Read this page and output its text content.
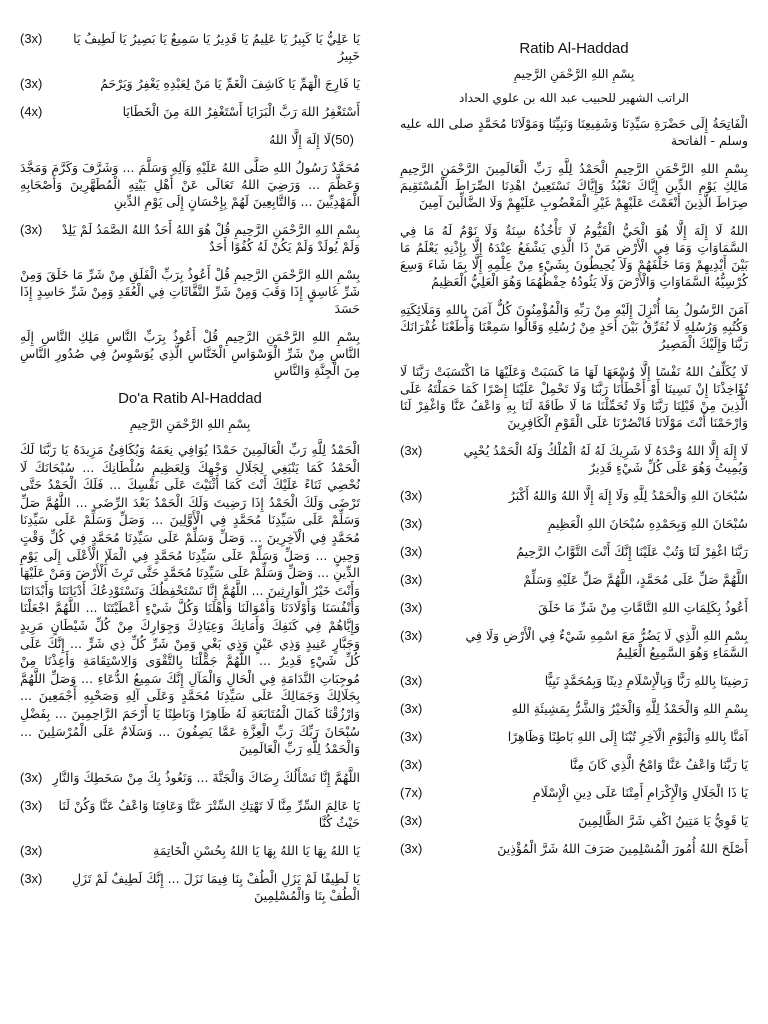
(3x) يَا عَلِيُّ يَا كَبِيرُ يَا عَلِيمُ يَا قَدِيرُ يَا سَمِيعُ يَا بَصِيرُ يَا لَطِيفُ يَا خَبِيرُ

(3x)	يَا فَارِجَ الْهَمِّ يَا كَاشِفَ الْغَمِّ يَا مَنْ لِعَبْدِهِ يَغْفِرُ وَيَرْحَمُ

(4x)	أَسْتَغْفِرُ اللهَ رَبَّ الْبَرَايَا أَسْتَغْفِرُ اللهَ مِنَ الْخَطَايَا

(50)لَا إِلَهَ إِلَّا اللهُ

مُحَمَّدٌ رَسُولُ اللهِ صَلَّى اللهُ عَلَيْهِ وَآلِهِ وَسَلَّمَ ... وَشَرَّفَ وَكَرَّمَ وَمَجَّدَ وَعَظَّمَ ... وَرَضِيَ اللهُ تَعَالَى عَنْ أَهْلِ بَيْتِهِ الْمُطَهَّرِينَ وَأَصْحَابِهِ الْمَهْدِيِّينَ ... وَالتَّابِعِينَ لَهُمْ بِإِحْسَانٍ إِلَى يَوْمِ الدِّينِ

(3x) بِسْمِ اللهِ الرَّحْمَنِ الرَّحِيمِ قُلْ هُوَ اللهُ أَحَدٌ اللهُ الصَّمَدُ لَمْ يَلِدْ وَلَمْ يُولَدْ وَلَمْ يَكُنْ لَهُ كُفُوًا أَحَدٌ

بِسْمِ اللهِ الرَّحْمَنِ الرَّحِيمِ قُلْ أَعُوذُ بِرَبِّ الْفَلَقِ مِنْ شَرِّ مَا خَلَقَ وَمِنْ شَرِّ غَاسِقٍ إِذَا وَقَبَ وَمِنْ شَرِّ النَّفَّاثَاتِ فِي الْعُقَدِ وَمِنْ شَرِّ حَاسِدٍ إِذَا حَسَدَ

بِسْمِ اللهِ الرَّحْمَنِ الرَّحِيمِ قُلْ أَعُوذُ بِرَبِّ النَّاسِ مَلِكِ النَّاسِ إِلَهِ النَّاسِ مِنْ شَرِّ الْوَسْوَاسِ الْخَنَّاسِ الَّذِي يُوَسْوِسُ فِي صُدُورِ النَّاسِ مِنَ الْجِنَّةِ وَالنَّاسِ

Do'a Ratib Al-Haddad

بِسْمِ اللهِ الرَّحْمَنِ الرَّحِيمِ

الْحَمْدُ لِلَّهِ رَبِّ الْعَالَمِينَ حَمْدًا يُوَافِي نِعَمَهُ وَيُكَافِئُ مَزِيدَهُ يَا رَبَّنَا لَكَ الْحَمْدُ كَمَا يَنْبَغِي لِجَلَالِ وَجْهِكَ وَلِعَظِيمِ سُلْطَانِكَ ... سُبْحَانَكَ لَا نُحْصِي ثَنَاءً عَلَيْكَ أَنْتَ كَمَا أَثْنَيْتَ عَلَى نَفْسِكَ ... فَلَكَ الْحَمْدُ حَتَّى تَرْضَى وَلَكَ الْحَمْدُ إِذَا رَضِيتَ وَلَكَ الْحَمْدُ بَعْدَ الرِّضَى ... اللَّهُمَّ صَلِّ وَسَلِّمْ عَلَى سَيِّدِنَا مُحَمَّدٍ فِي الْأَوَّلِينَ ... وَصَلِّ وَسَلِّمْ عَلَى سَيِّدِنَا مُحَمَّدٍ فِي الْآخِرِينَ ... وَصَلِّ وَسَلِّمْ عَلَى سَيِّدِنَا مُحَمَّدٍ فِي كُلِّ وَقْتٍ وَحِينٍ ... وَصَلِّ وَسَلِّمْ عَلَى سَيِّدِنَا مُحَمَّدٍ فِي الْمَلَإِ الْأَعْلَى إِلَى يَوْمِ الدِّينِ ... وَصَلِّ وَسَلِّمْ عَلَى سَيِّدِنَا مُحَمَّدٍ حَتَّى تَرِثَ الْأَرْضَ وَمَنْ عَلَيْهَا وَأَنْتَ خَيْرُ الْوَارِثِينَ ... اللَّهُمَّ إِنَّا نَسْتَحْفِظُكَ وَنَسْتَوْدِعُكَ أَدْيَانَنَا وَأَبْدَانَنَا وَأَنْفُسَنَا وَأَوْلَادَنَا وَأَمْوَالَنَا وَأَهْلَنَا وَكُلَّ شَيْءٍ أَعْطَيْتَنَا ... اللَّهُمَّ اجْعَلْنَا وَإِيَّاهُمْ فِي كَنَفِكَ وَأَمَانِكَ وَعِيَاذِكَ وَجِوَارِكَ مِنْ كُلِّ شَيْطَانٍ مَرِيدٍ وَجَبَّارٍ عَنِيدٍ وَذِي عَيْنٍ وَذِي بَغْيٍ وَمِنْ شَرِّ كُلِّ ذِي شَرٍّ ... إِنَّكَ عَلَى كُلِّ شَيْءٍ قَدِيرٌ ... اللَّهُمَّ جَمِّلْنَا بِالتَّقْوَى وَالِاسْتِقَامَةِ وَأَعِذْنَا مِنْ مُوجِبَاتِ النَّدَامَةِ فِي الْحَالِ وَالْمَآلِ إِنَّكَ سَمِيعُ الدُّعَاءِ ... وَصَلِّ اللَّهُمَّ بِجَلَالِكَ وَجَمَالِكَ عَلَى سَيِّدِنَا مُحَمَّدٍ وَعَلَى آلِهِ وَصَحْبِهِ أَجْمَعِينَ ... وَارْزُقْنَا كَمَالَ الْمُتَابَعَةِ لَهُ ظَاهِرًا وَبَاطِنًا يَا أَرْحَمَ الرَّاحِمِينَ ... بِفَضْلِ سُبْحَانَ رَبِّكَ رَبِّ الْعِزَّةِ عَمَّا يَصِفُونَ ... وَسَلَامٌ عَلَى الْمُرْسَلِينَ ... وَالْحَمْدُ لِلَّهِ رَبِّ الْعَالَمِينَ

(3x) اللَّهُمَّ إِنَّا نَسْأَلُكَ رِضَاكَ وَالْجَنَّةَ ... وَنَعُوذُ بِكَ مِنْ سَخَطِكَ وَالنَّارِ

(3x) يَا عَالِمَ السِّرِّ مِنَّا لَا تَهْتِكِ السِّتْرَ عَنَّا وَعَافِنَا وَاعْفُ عَنَّا وَكُنْ لَنَا حَيْثُ كُنَّا

(3x)	يَا اللهُ بِهَا يَا اللهُ بِهَا يَا اللهُ بِحُسْنِ الْخَاتِمَةِ

(3x) يَا لَطِيفًا لَمْ يَزَلِ الْطُفْ بِنَا فِيمَا نَزَلَ ... إِنَّكَ لَطِيفٌ لَمْ تَزَلِ الْطُفْ بِنَا وَالْمُسْلِمِينَ

Ratib Al-Haddad

بِسْمِ اللهِ الرَّحْمَنِ الرَّحِيمِ

الراتب الشهير للحبيب عبد الله بن علوي الحداد

الْفَاتِحَةُ إِلَى حَضْرَةِ سَيِّدِنَا وَشَفِيعِنَا وَنَبِيِّنَا وَمَوْلَانَا مُحَمَّدٍ صلى الله عليه وسلم - الفاتحة

بِسْمِ اللهِ الرَّحْمَنِ الرَّحِيمِ الْحَمْدُ لِلَّهِ رَبِّ الْعَالَمِينَ الرَّحْمَنِ الرَّحِيمِ مَالِكِ يَوْمِ الدِّينِ إِيَّاكَ نَعْبُدُ وَإِيَّاكَ نَسْتَعِينُ اهْدِنَا الصِّرَاطَ الْمُسْتَقِيمَ صِرَاطَ الَّذِينَ أَنْعَمْتَ عَلَيْهِمْ غَيْرِ الْمَغْضُوبِ عَلَيْهِمْ وَلَا الضَّالِّينَ آمِينَ

اللهُ لَا إِلَهَ إِلَّا هُوَ الْحَيُّ الْقَيُّومُ لَا تَأْخُذُهُ سِنَةٌ وَلَا نَوْمٌ لَهُ مَا فِي السَّمَاوَاتِ وَمَا فِي الْأَرْضِ مَنْ ذَا الَّذِي يَشْفَعُ عِنْدَهُ إِلَّا بِإِذْنِهِ يَعْلَمُ مَا بَيْنَ أَيْدِيهِمْ وَمَا خَلْفَهُمْ وَلَا يُحِيطُونَ بِشَيْءٍ مِنْ عِلْمِهِ إِلَّا بِمَا شَاءَ وَسِعَ كُرْسِيُّهُ السَّمَاوَاتِ وَالْأَرْضَ وَلَا يَئُودُهُ حِفْظُهُمَا وَهُوَ الْعَلِيُّ الْعَظِيمُ

آمَنَ الرَّسُولُ بِمَا أُنْزِلَ إِلَيْهِ مِنْ رَبِّهِ وَالْمُؤْمِنُونَ كُلٌّ آمَنَ بِاللهِ وَمَلَائِكَتِهِ وَكُتُبِهِ وَرُسُلِهِ لَا نُفَرِّقُ بَيْنَ أَحَدٍ مِنْ رُسُلِهِ وَقَالُوا سَمِعْنَا وَأَطَعْنَا غُفْرَانَكَ رَبَّنَا وَإِلَيْكَ الْمَصِيرُ

لَا يُكَلِّفُ اللهُ نَفْسًا إِلَّا وُسْعَهَا لَهَا مَا كَسَبَتْ وَعَلَيْهَا مَا اكْتَسَبَتْ رَبَّنَا لَا تُؤَاخِذْنَا إِنْ نَسِينَا أَوْ أَخْطَأْنَا رَبَّنَا وَلَا تَحْمِلْ عَلَيْنَا إِصْرًا كَمَا حَمَلْتَهُ عَلَى الَّذِينَ مِنْ قَبْلِنَا رَبَّنَا وَلَا تُحَمِّلْنَا مَا لَا طَاقَةَ لَنَا بِهِ وَاعْفُ عَنَّا وَاغْفِرْ لَنَا وَارْحَمْنَا أَنْتَ مَوْلَانَا فَانْصُرْنَا عَلَى الْقَوْمِ الْكَافِرِينَ

(3x)	لَا إِلَهَ إِلَّا اللهُ وَحْدَهُ لَا شَرِيكَ لَهُ لَهُ الْمُلْكُ وَلَهُ الْحَمْدُ يُحْيِي وَيُمِيتُ وَهُوَ عَلَى كُلِّ شَيْءٍ قَدِيرٌ

(3x)	سُبْحَانَ اللهِ وَالْحَمْدُ لِلَّهِ وَلَا إِلَهَ إِلَّا اللهُ وَاللهُ أَكْبَرُ

(3x)	سُبْحَانَ اللهِ وَبِحَمْدِهِ سُبْحَانَ اللهِ الْعَظِيمِ

(3x)	رَبَّنَا اغْفِرْ لَنَا وَتُبْ عَلَيْنَا إِنَّكَ أَنْتَ التَّوَّابُ الرَّحِيمُ

(3x)	اللَّهُمَّ صَلِّ عَلَى مُحَمَّدٍ، اللَّهُمَّ صَلِّ عَلَيْهِ وَسَلِّمْ

(3x)	أَعُوذُ بِكَلِمَاتِ اللهِ التَّامَّاتِ مِنْ شَرِّ مَا خَلَقَ

(3x)	بِسْمِ اللهِ الَّذِي لَا يَضُرُّ مَعَ اسْمِهِ شَيْءٌ فِي الْأَرْضِ وَلَا فِي السَّمَاءِ وَهُوَ السَّمِيعُ الْعَلِيمُ

(3x)	رَضِينَا بِاللهِ رَبًّا وَبِالْإِسْلَامِ دِينًا وَبِمُحَمَّدٍ نَبِيًّا

(3x)	بِسْمِ اللهِ وَالْحَمْدُ لِلَّهِ وَالْخَيْرُ وَالشَّرُّ بِمَشِيئَةِ اللهِ

(3x)	آمَنَّا بِاللهِ وَالْيَوْمِ الْآخِرِ تُبْنَا إِلَى اللهِ بَاطِنًا وَظَاهِرًا

(3x)	يَا رَبَّنَا وَاعْفُ عَنَّا وَامْحُ الَّذِي كَانَ مِنَّا

(7x)	يَا ذَا الْجَلَالِ وَالْإِكْرَامِ أَمِتْنَا عَلَى دِينِ الْإِسْلَامِ

(3x)	يَا قَوِيُّ يَا مَتِينُ اكْفِ شَرَّ الظَّالِمِينَ

(3x)	أَصْلَحَ اللهُ أُمُورَ الْمُسْلِمِينَ صَرَفَ اللهُ شَرَّ الْمُؤْذِينَ
